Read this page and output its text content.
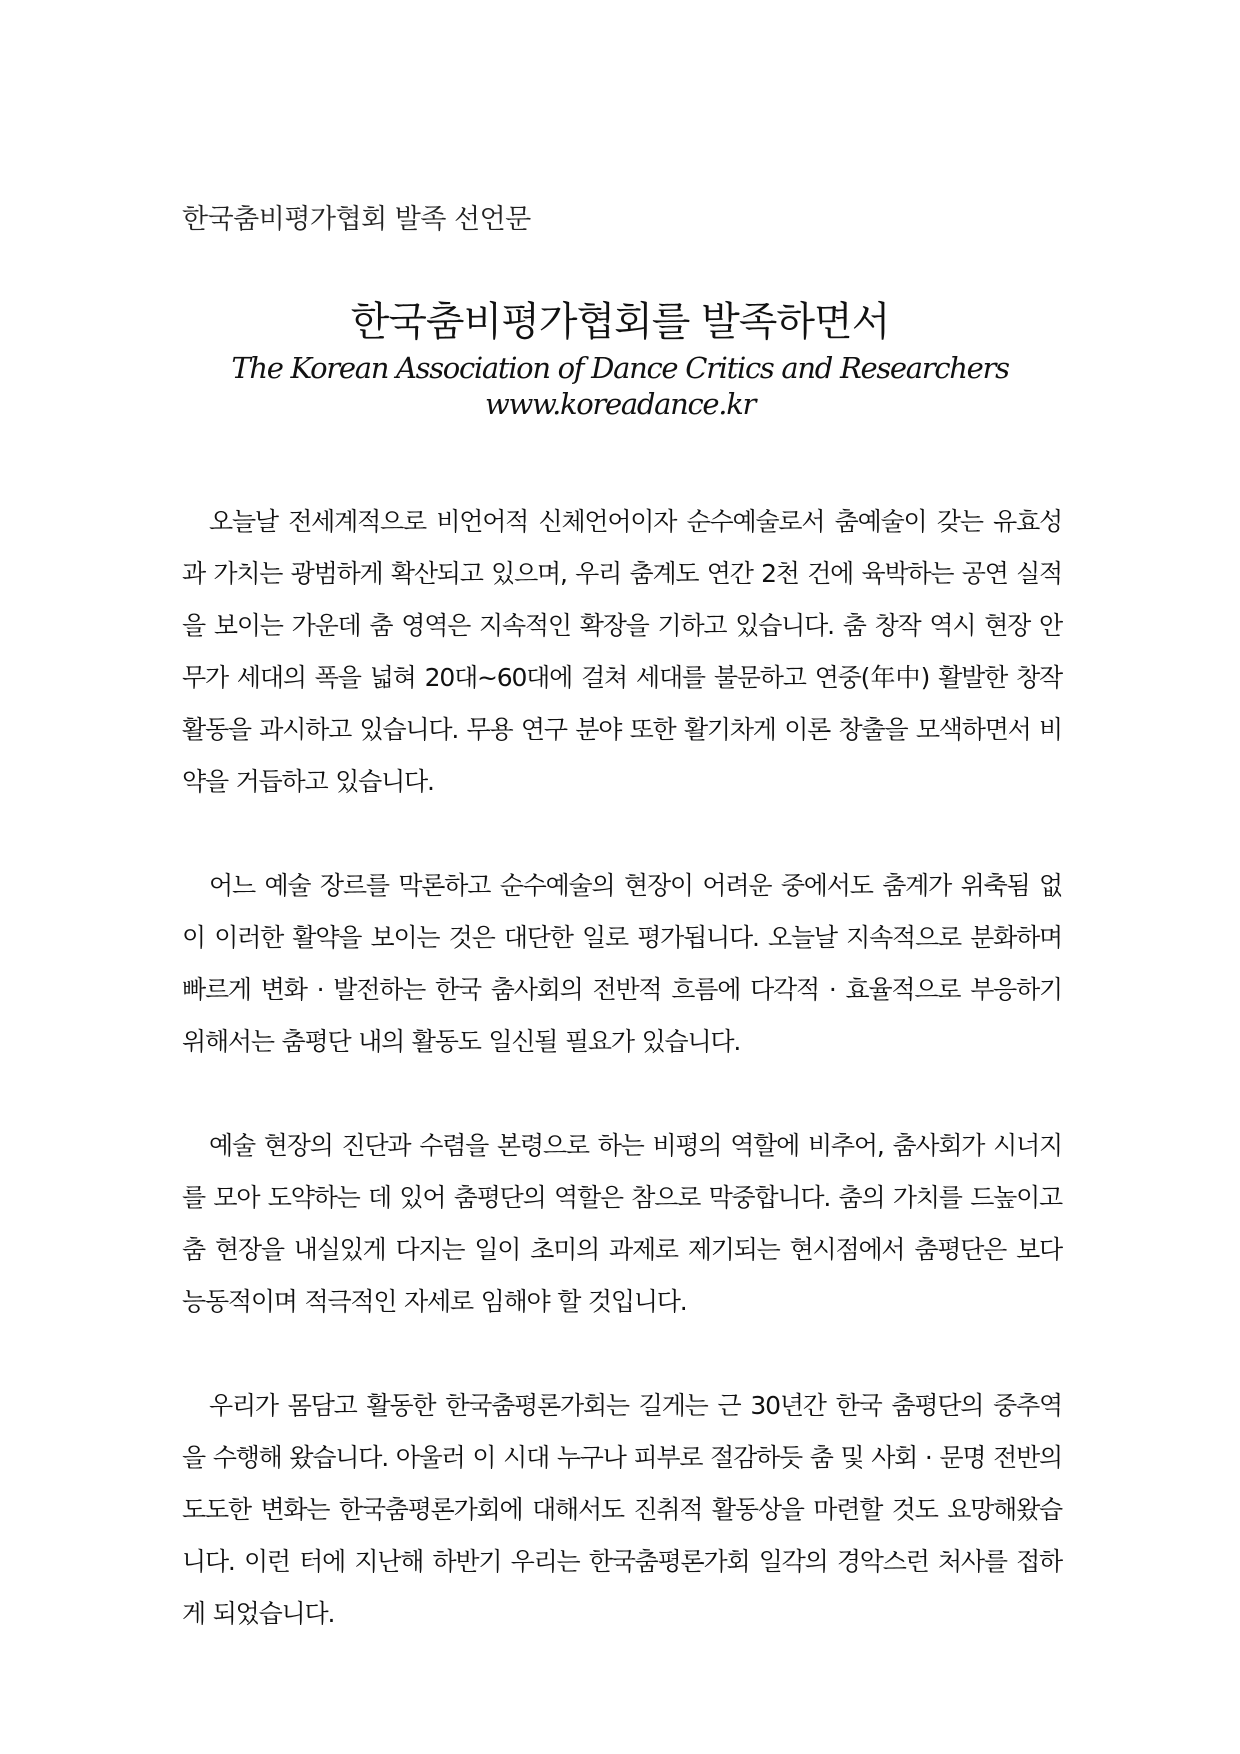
한국춤비평가협회 발족 선언문
한국춤비평가협회를 발족하면서
The Korean Association of Dance Critics and Researchers
www.koreadance.kr

오늘날 전세계적으로 비언어적 신체언어이자 순수예술로서 춤예술이 갖는 유효성과 가치는 광범하게 확산되고 있으며, 우리 춤계도 연간 2천 건에 육박하는 공연 실적을 보이는 가운데 춤 영역은 지속적인 확장을 기하고 있습니다. 춤 창작 역시 현장 안무가 세대의 폭을 넓혀 20대~60대에 걸쳐 세대를 불문하고 연중(年中) 활발한 창작 활동을 과시하고 있습니다. 무용 연구 분야 또한 활기차게 이론 창출을 모색하면서 비약을 거듭하고 있습니다.

어느 예술 장르를 막론하고 순수예술의 현장이 어려운 중에서도 춤계가 위축됨 없이 이러한 활약을 보이는 것은 대단한 일로 평가됩니다. 오늘날 지속적으로 분화하며 빠르게 변화 · 발전하는 한국 춤사회의 전반적 흐름에 다각적 · 효율적으로 부응하기 위해서는 춤평단 내의 활동도 일신될 필요가 있습니다.

예술 현장의 진단과 수렴을 본령으로 하는 비평의 역할에 비추어, 춤사회가 시너지를 모아 도약하는 데 있어 춤평단의 역할은 참으로 막중합니다. 춤의 가치를 드높이고 춤 현장을 내실있게 다지는 일이 초미의 과제로 제기되는 현시점에서 춤평단은 보다 능동적이며 적극적인 자세로 임해야 할 것입니다.

우리가 몸담고 활동한 한국춤평론가회는 길게는 근 30년간 한국 춤평단의 중추역을 수행해 왔습니다. 아울러 이 시대 누구나 피부로 절감하듯 춤 및 사회 · 문명 전반의 도도한 변화는 한국춤평론가회에 대해서도 진취적 활동상을 마련할 것도 요망해왔습니다. 이런 터에 지난해 하반기 우리는 한국춤평론가회 일각의 경악스런 처사를 접하게 되었습니다.
